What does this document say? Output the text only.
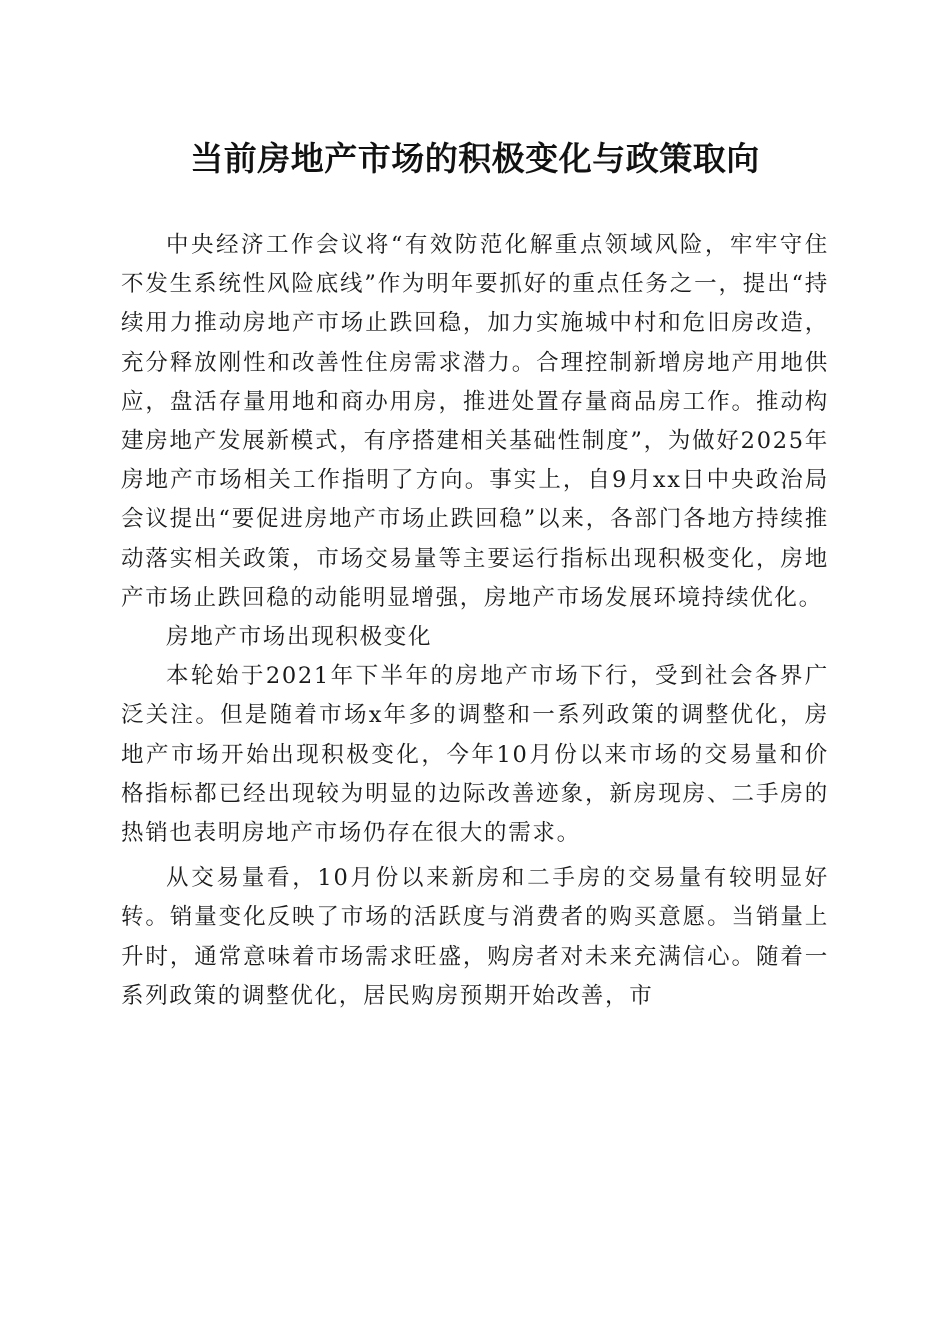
当前房地产市场的积极变化与政策取向

中央经济工作会议将“有效防范化解重点领域风险，牢牢守住不发生系统性风险底线”作为明年要抓好的重点任务之一，提出“持续用力推动房地产市场止跌回稳，加力实施城中村和危旧房改造，充分释放刚性和改善性住房需求潜力。合理控制新增房地产用地供应，盘活存量用地和商办用房，推进处置存量商品房工作。推动构建房地产发展新模式，有序搭建相关基础性制度”，为做好2025年房地产市场相关工作指明了方向。事实上，自9月xx日中央政治局会议提出“要促进房地产市场止跌回稳”以来，各部门各地方持续推动落实相关政策，市场交易量等主要运行指标出现积极变化，房地产市场止跌回稳的动能明显增强，房地产市场发展环境持续优化。

房地产市场出现积极变化

本轮始于2021年下半年的房地产市场下行，受到社会各界广泛关注。但是随着市场x年多的调整和一系列政策的调整优化，房地产市场开始出现积极变化，今年10月份以来市场的交易量和价格指标都已经出现较为明显的边际改善迹象，新房现房、二手房的热销也表明房地产市场仍存在很大的需求。

从交易量看，10月份以来新房和二手房的交易量有较明显好转。销量变化反映了市场的活跃度与消费者的购买意愿。当销量上升时，通常意味着市场需求旺盛，购房者对未来充满信心。随着一系列政策的调整优化，居民购房预期开始改善，市
